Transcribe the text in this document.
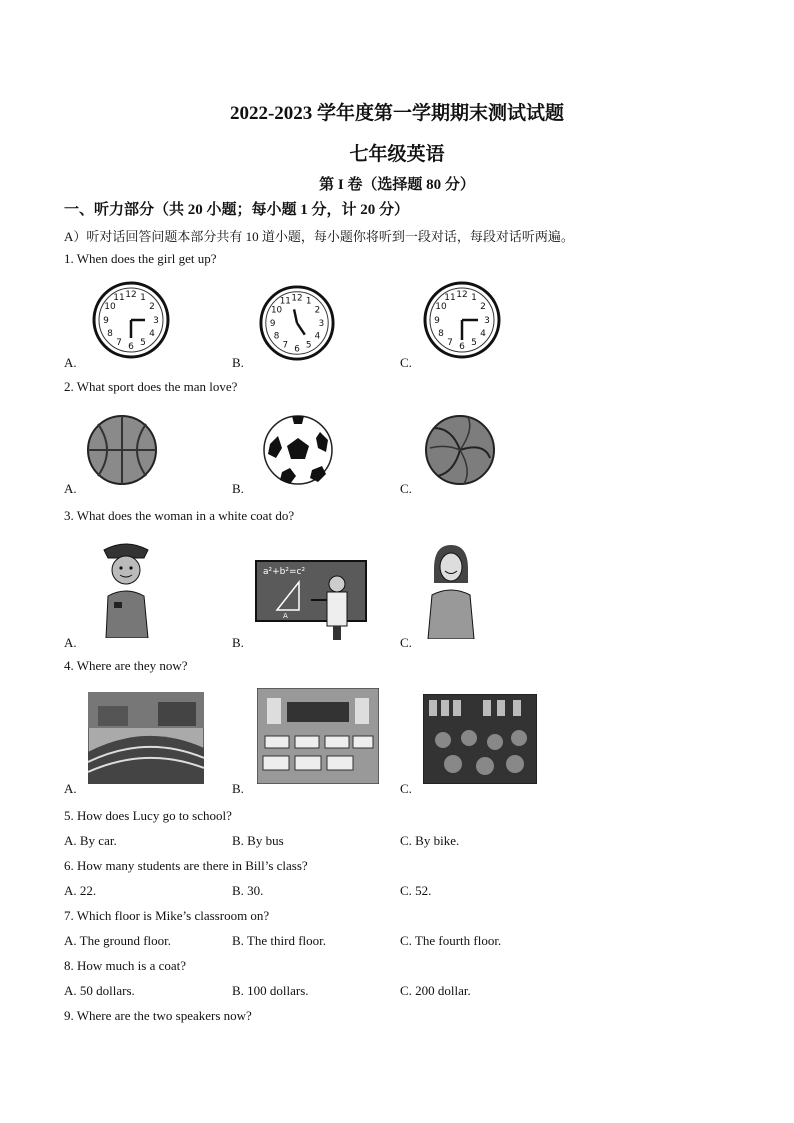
2022-2023 学年度第一学期期末测试试题
七年级英语
第 I 卷（选择题 80 分）
一、听力部分（共 20 小题；每小题 1 分，计 20 分）
A）听对话回答问题本部分共有 10 道小题，每小题你将听到一段对话，每段对话听两遍。
1. When does the girl get up?
12 1
2
3
4
5
6
7
8
9
10
11	12 1
2
3
4
5
6
7
8
9
10
11
12 1
2
3
4
5
6
7
8
9
10
11
A.	B.	C.
2. What sport does the man love?
A.	B.	C.
3. What does the woman in a white coat do?
a²+b²=c²
A
A.	B.	C.
4. Where are they now?
A.	B.	C.
5. How does Lucy go to school?
A. By car.	B. By bus	C. By bike.
6. How many students are there in Bill’s class?
A. 22.	B. 30.	C. 52.
7. Which floor is Mike’s classroom on?
A. The ground floor.	B. The third floor.	C. The fourth floor.
8. How much is a coat?
A. 50 dollars.	B. 100 dollars.	C. 200 dollar.
9. Where are the two speakers now?
